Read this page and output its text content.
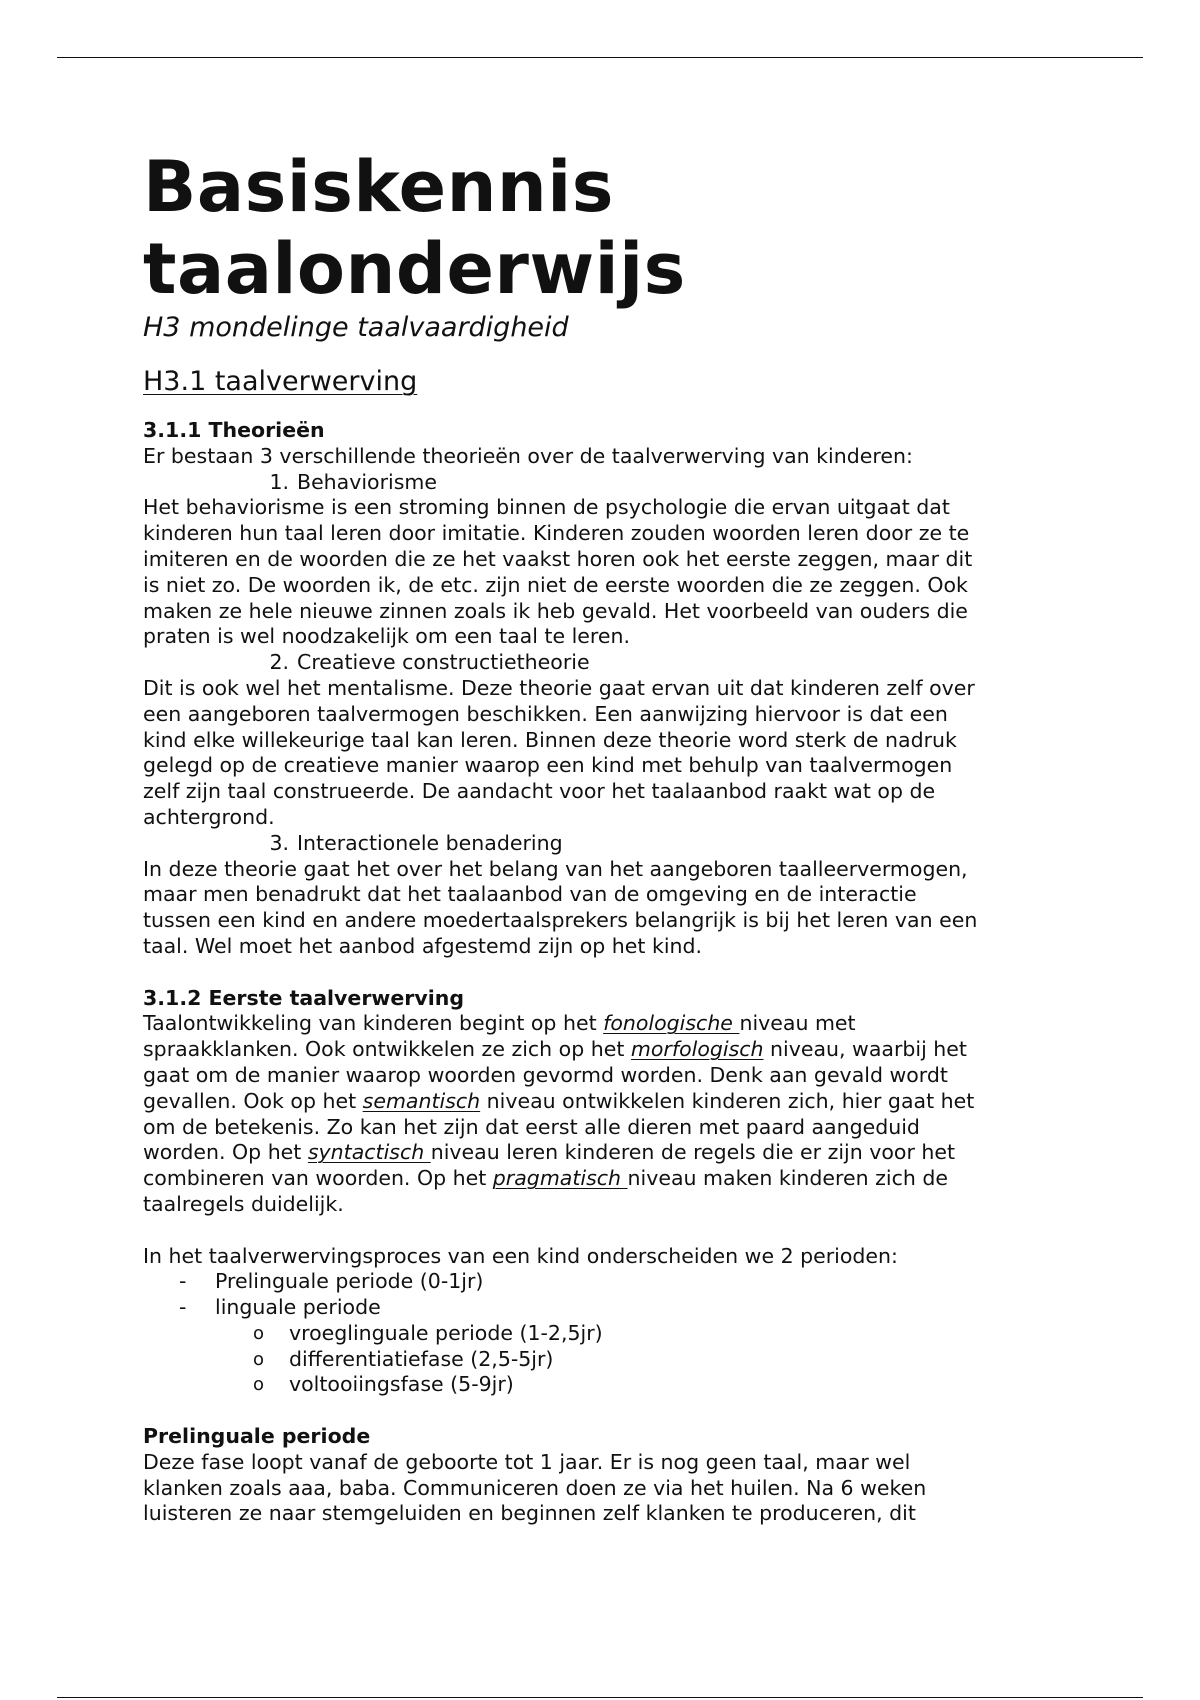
Basiskennis
taalonderwijs

H3 mondelinge taalvaardigheid

H3.1 taalverwerving

3.1.1 Theorieën

Er bestaan 3 verschillende theorieën over de taalverwerving van kinderen:

1. Behaviorisme

Het behaviorisme is een stroming binnen de psychologie die ervan uitgaat dat

kinderen hun taal leren door imitatie. Kinderen zouden woorden leren door ze te

imiteren en de woorden die ze het vaakst horen ook het eerste zeggen, maar dit

is niet zo. De woorden ik, de etc. zijn niet de eerste woorden die ze zeggen. Ook

maken ze hele nieuwe zinnen zoals ik heb gevald. Het voorbeeld van ouders die

praten is wel noodzakelijk om een taal te leren.

2. Creatieve constructietheorie

Dit is ook wel het mentalisme. Deze theorie gaat ervan uit dat kinderen zelf over

een aangeboren taalvermogen beschikken. Een aanwijzing hiervoor is dat een

kind elke willekeurige taal kan leren. Binnen deze theorie word sterk de nadruk

gelegd op de creatieve manier waarop een kind met behulp van taalvermogen

zelf zijn taal construeerde. De aandacht voor het taalaanbod raakt wat op de

achtergrond.

3. Interactionele benadering

In deze theorie gaat het over het belang van het aangeboren taalleervermogen,

maar men benadrukt dat het taalaanbod van de omgeving en de interactie

tussen een kind en andere moedertaalsprekers belangrijk is bij het leren van een

taal. Wel moet het aanbod afgestemd zijn op het kind.

3.1.2 Eerste taalverwerving

Taalontwikkeling van kinderen begint op het fonologische niveau met

spraakklanken. Ook ontwikkelen ze zich op het morfologisch niveau, waarbij het

gaat om de manier waarop woorden gevormd worden. Denk aan gevald wordt

gevallen. Ook op het semantisch niveau ontwikkelen kinderen zich, hier gaat het

om de betekenis. Zo kan het zijn dat eerst alle dieren met paard aangeduid

worden. Op het syntactisch niveau leren kinderen de regels die er zijn voor het

combineren van woorden. Op het pragmatisch niveau maken kinderen zich de

taalregels duidelijk.

In het taalverwervingsproces van een kind onderscheiden we 2 perioden:

-	Prelinguale periode (0-1jr)
-	linguale periode
o	vroeglinguale periode (1-2,5jr)
o	differentiatiefase (2,5-5jr)
o	voltooiingsfase (5-9jr)

Prelinguale periode

Deze fase loopt vanaf de geboorte tot 1 jaar. Er is nog geen taal, maar wel

klanken zoals aaa, baba. Communiceren doen ze via het huilen. Na 6 weken

luisteren ze naar stemgeluiden en beginnen zelf klanken te produceren, dit
